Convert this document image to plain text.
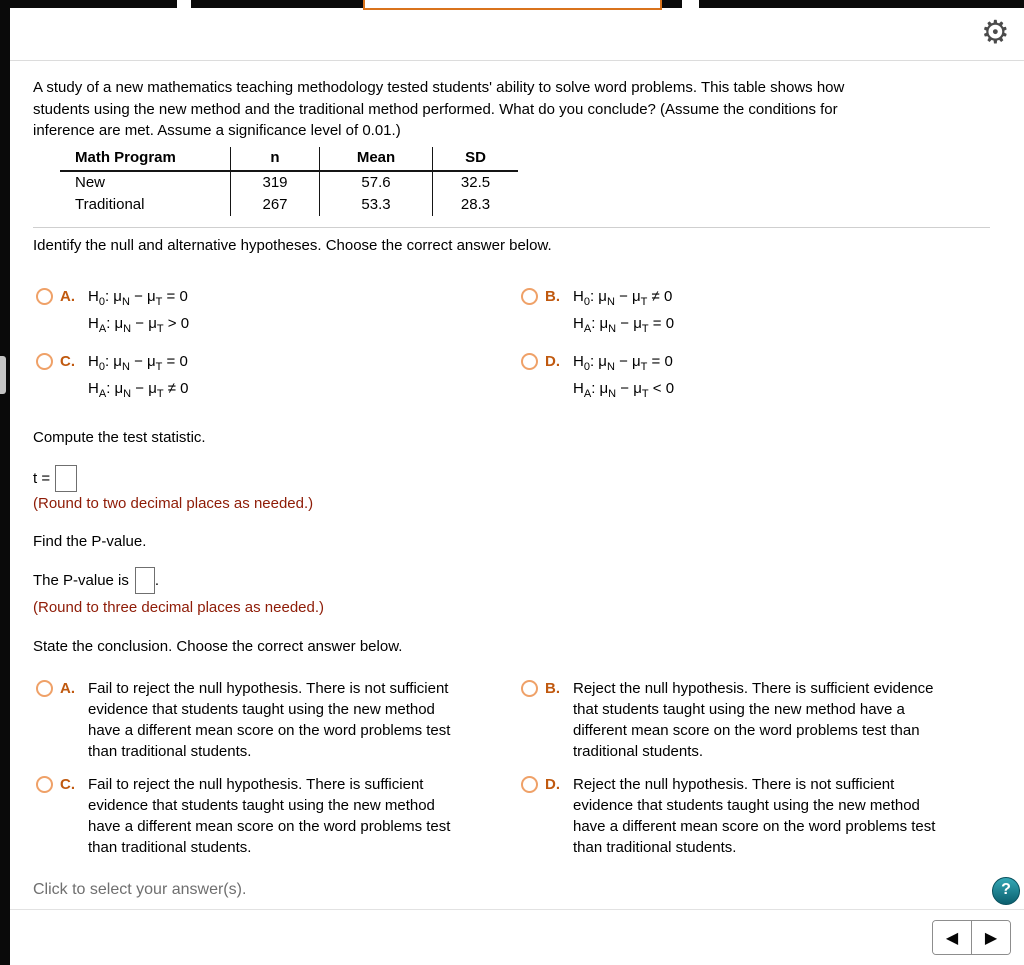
⚙
A study of a new mathematics teaching methodology tested students' ability to solve word problems. This table shows how
students using the new method and the traditional method performed. What do you conclude? (Assume the conditions for
inference are met. Assume a significance level of 0.01.)
Math Program	n	Mean	SD
New	319	57.6	32.5
Traditional	267	53.3	28.3
Identify the null and alternative hypotheses. Choose the correct answer below.
A. $H_0$: $\mu_N - \mu_T = 0$
$H_A$: $\mu_N - \mu_T > 0$
B. $H_0$: $\mu_N - \mu_T \ne 0$
$H_A$: $\mu_N - \mu_T = 0$
C. $H_0$: $\mu_N - \mu_T = 0$
$H_A$: $\mu_N - \mu_T \ne 0$
D. $H_0$: $\mu_N - \mu_T = 0$
$H_A$: $\mu_N - \mu_T < 0$
Compute the test statistic.
t =
(Round to two decimal places as needed.)
Find the P-value.
The P-value is .
(Round to three decimal places as needed.)
State the conclusion. Choose the correct answer below.
A. Fail to reject the null hypothesis. There is not sufficient
evidence that students taught using the new method
have a different mean score on the word problems test
than traditional students.
B. Reject the null hypothesis. There is sufficient evidence
that students taught using the new method have a
different mean score on the word problems test than
traditional students.
C. Fail to reject the null hypothesis. There is sufficient
evidence that students taught using the new method
have a different mean score on the word problems test
than traditional students.
D. Reject the null hypothesis. There is not sufficient
evidence that students taught using the new method
have a different mean score on the word problems test
than traditional students.
Click to select your answer(s).	?
◀ ▶
